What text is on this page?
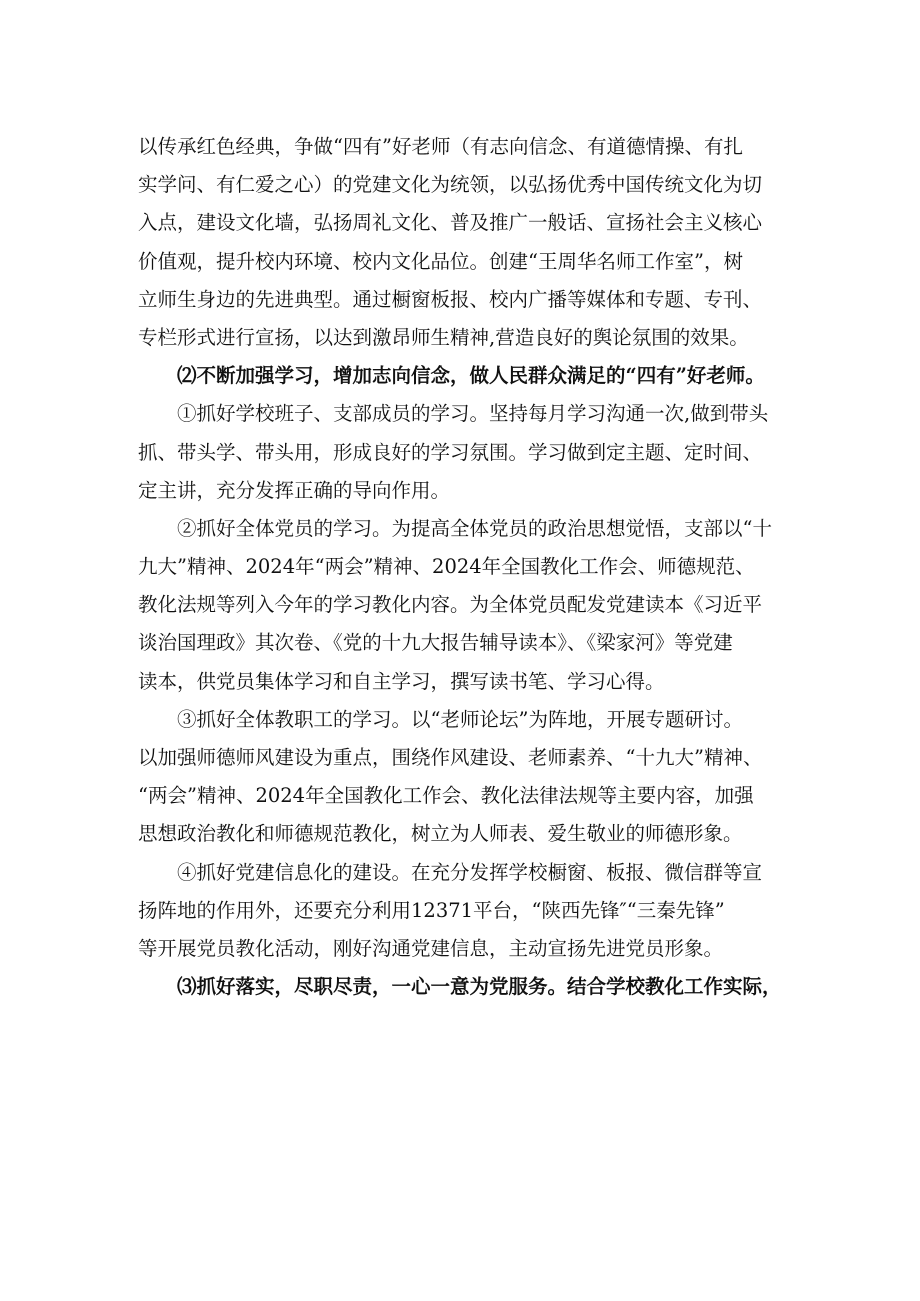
以传承红色经典，争做“四有”好老师（有志向信念、有道德情操、有扎
实学问、有仁爱之心）的党建文化为统领，以弘扬优秀中国传统文化为切
入点，建设文化墙，弘扬周礼文化、普及推广一般话、宣扬社会主义核心
价值观，提升校内环境、校内文化品位。创建“王周华名师工作室”，树
立师生身边的先进典型。通过橱窗板报、校内广播等媒体和专题、专刊、
专栏形式进行宣扬，以达到激昂师生精神,营造良好的舆论氛围的效果。
⑵不断加强学习，增加志向信念，做人民群众满足的“四有”好老师。
①抓好学校班子、支部成员的学习。坚持每月学习沟通一次,做到带头
抓、带头学、带头用，形成良好的学习氛围。学习做到定主题、定时间、
定主讲，充分发挥正确的导向作用。
②抓好全体党员的学习。为提高全体党员的政治思想觉悟，支部以“十
九大”精神、2024年“两会”精神、2024年全国教化工作会、师德规范、
教化法规等列入今年的学习教化内容。为全体党员配发党建读本《习近平
谈治国理政》其次卷、《党的十九大报告辅导读本》、《梁家河》等党建
读本，供党员集体学习和自主学习，撰写读书笔、学习心得。
③抓好全体教职工的学习。以“老师论坛”为阵地，开展专题研讨。
以加强师德师风建设为重点，围绕作风建设、老师素养、“十九大”精神、
“两会”精神、2024年全国教化工作会、教化法律法规等主要内容，加强
思想政治教化和师德规范教化，树立为人师表、爱生敬业的师德形象。
④抓好党建信息化的建设。在充分发挥学校橱窗、板报、微信群等宣
扬阵地的作用外，还要充分利用12371平台，“陕西先锋″“三秦先锋”
等开展党员教化活动，刚好沟通党建信息，主动宣扬先进党员形象。
⑶抓好落实，尽职尽责，一心一意为党服务。结合学校教化工作实际，
